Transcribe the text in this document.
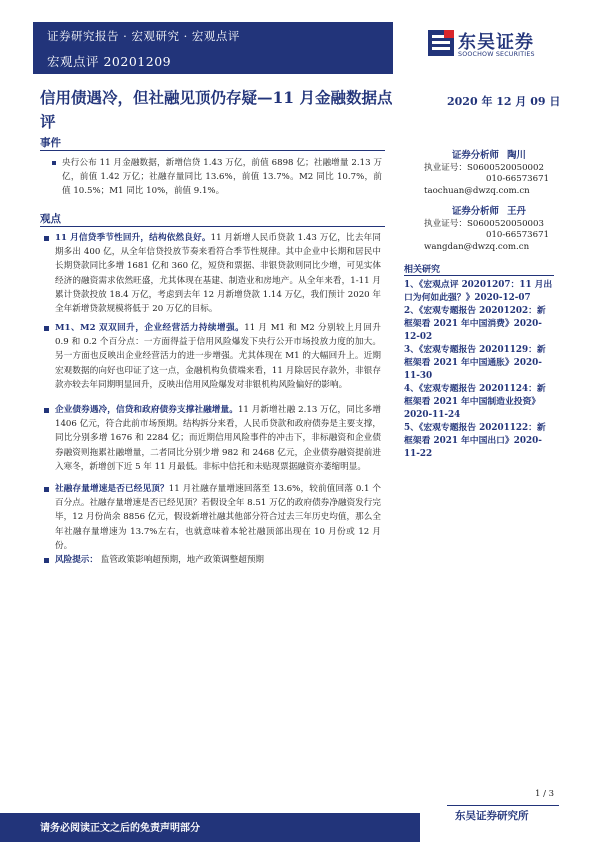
证券研究报告 · 宏观研究 · 宏观点评
宏观点评 20201209
东吴证券
SOOCHOW SECURITIES
信用债遇冷，但社融见顶仍存疑—11 月金融数据点评
2020 年 12 月 09 日
事件
央行公布 11 月金融数据，新增信贷 1.43 万亿，前值 6898 亿；社融增量 2.13 万亿，前值 1.42 万亿；社融存量同比 13.6%，前值 13.7%。M2 同比 10.7%，前值 10.5%；M1 同比 10%，前值 9.1%。
观点
11 月信贷季节性回升，结构依然良好。11 月新增人民币贷款 1.43 万亿，比去年同期多出 400 亿，从全年信贷投放节奏来看符合季节性规律。其中企业中长期和居民中长期贷款同比多增 1681 亿和 360 亿，短贷和票据、非银贷款则同比少增，可见实体经济的融资需求依然旺盛，尤其体现在基建、制造业和房地产。从全年来看，1-11 月累计贷款投放 18.4 万亿，考虑到去年 12 月新增贷款 1.14 万亿，我们预计 2020 年全年新增贷款规模将低于 20 万亿的目标。
M1、M2 双双回升，企业经营活力持续增强。11 月 M1 和 M2 分别较上月回升 0.9 和 0.2 个百分点：一方面得益于信用风险爆发下央行公开市场投放力度的加大。另一方面也反映出企业经营活力的进一步增强。尤其体现在 M1 的大幅回升上。近期宏观数据的向好也印证了这一点，金融机构负债端来看，11 月除居民存款外，非银存款亦较去年同期明显回升，反映出信用风险爆发对非银机构风险偏好的影响。
企业债券遇冷，信贷和政府债券支撑社融增量。11 月新增社融 2.13 万亿，同比多增 1406 亿元，符合此前市场预期。结构拆分来看，人民币贷款和政府债券是主要支撑，同比分别多增 1676 和 2284 亿；而近期信用风险事件的冲击下，非标融资和企业债券融资则拖累社融增量，二者同比分别少增 982 和 2468 亿元，企业债券融资提前进入寒冬，新增创下近 5 年 11 月最低。非标中信托和未贴现票据融资亦萎缩明显。
社融存量增速是否已经见顶？11 月社融存量增速回落至 13.6%，较前值回落 0.1 个百分点。社融存量增速是否已经见顶？若假设全年 8.51 万亿的政府债券净融资发行完毕，12 月份尚余 8856 亿元，假设新增社融其他部分符合过去三年历史均值，那么全年社融存量增速为 13.7%左右，也就意味着本轮社融顶部出现在 10 月份或 12 月份。
风险提示： 监管政策影响超预期，地产政策调整超预期
证券分析师 陶川
执业证号：S0600520050002
010-66573671
taochuan@dwzq.com.cn
证券分析师 王丹
执业证号：S0600520050003
010-66573671
wangdan@dwzq.com.cn
相关研究
1、《宏观点评 20201207：11 月出口为何如此强？》2020-12-07
2、《宏观专题报告 20201202：新框架看 2021 年中国消费》2020-12-02
3、《宏观专题报告 20201129：新框架看 2021 年中国通胀》2020-11-30
4、《宏观专题报告 20201124：新框架看 2021 年中国制造业投资》2020-11-24
5、《宏观专题报告 20201122：新框架看 2021 年中国出口》2020-11-22
1 / 3
东吴证券研究所
请务必阅读正文之后的免责声明部分
